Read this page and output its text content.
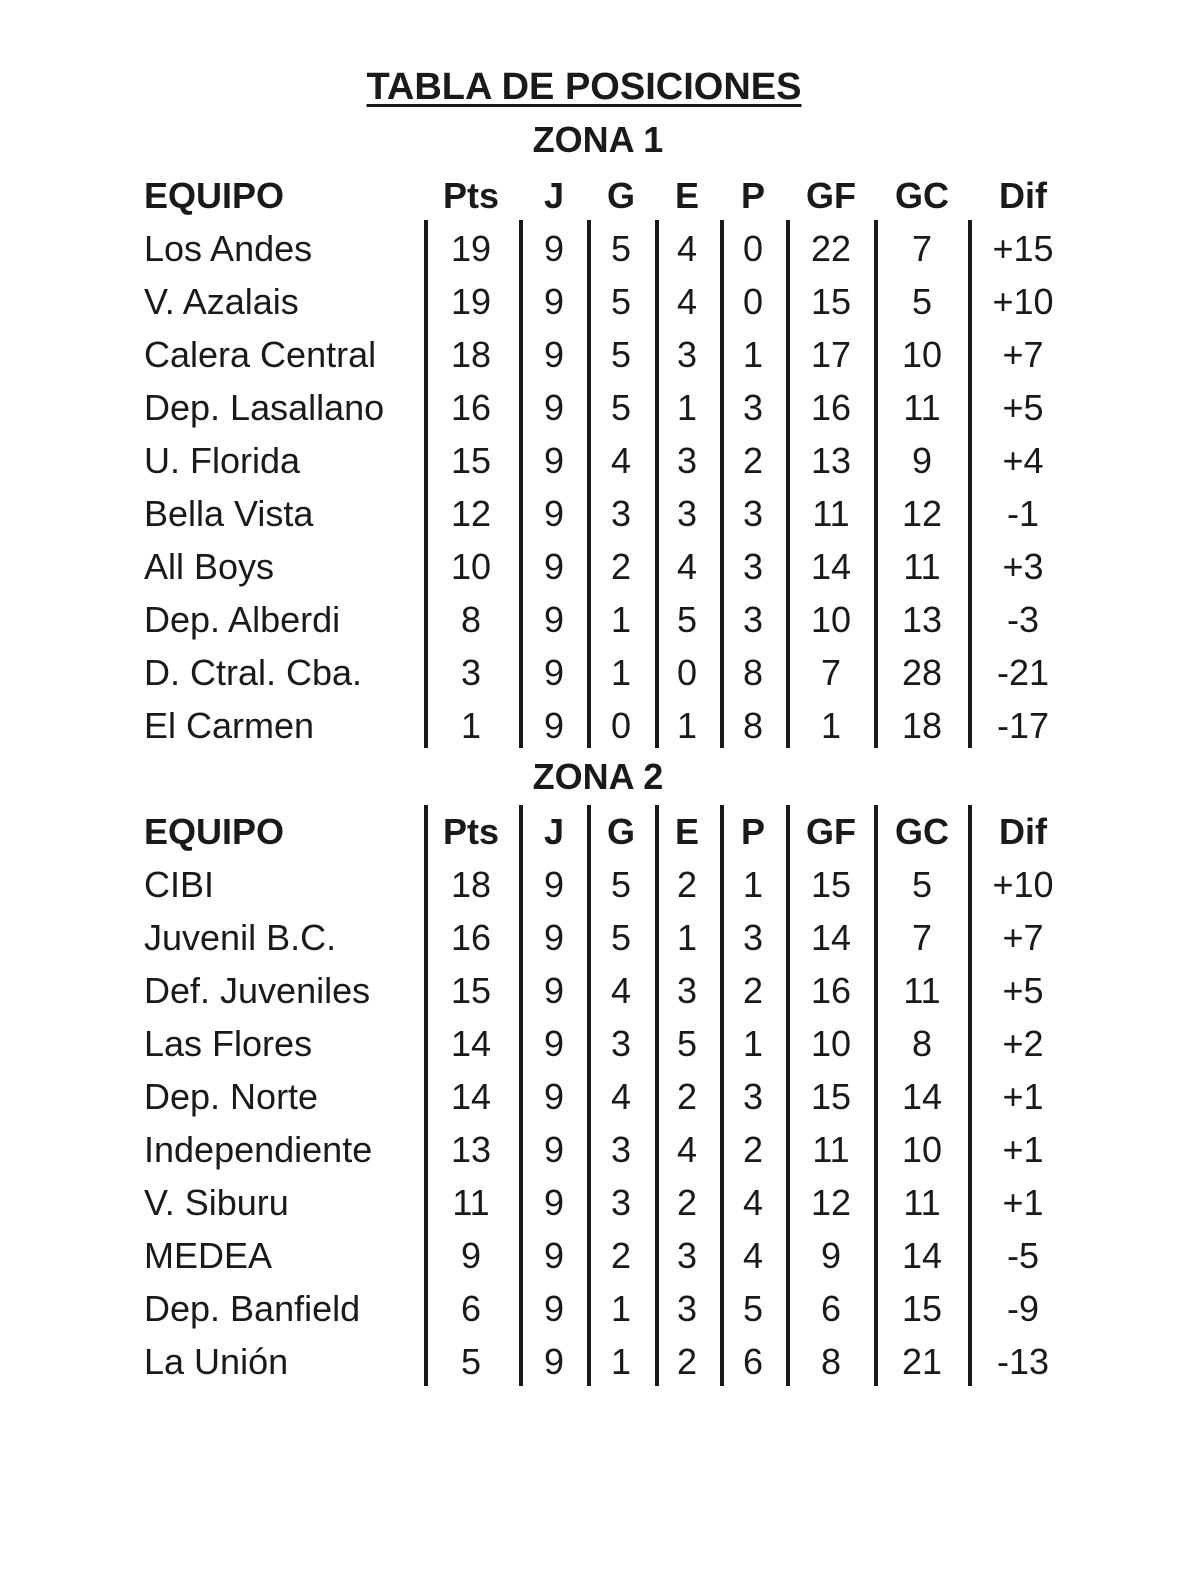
TABLA DE POSICIONES
ZONA 1
EQUIPO	Pts	J	G	E	P	GF	GC	Dif
Los Andes	19	9	5	4	0	22	7	+15
V. Azalais	19	9	5	4	0	15	5	+10
Calera Central	18	9	5	3	1	17	10	+7
Dep. Lasallano	16	9	5	1	3	16	11	+5
U. Florida	15	9	4	3	2	13	9	+4
Bella Vista	12	9	3	3	3	11	12	-1
All Boys	10	9	2	4	3	14	11	+3
Dep. Alberdi	8	9	1	5	3	10	13	-3
D. Ctral. Cba.	3	9	1	0	8	7	28	-21
El Carmen	1	9	0	1	8	1	18	-17
ZONA 2
EQUIPO	Pts	J	G	E	P	GF	GC	Dif
CIBI	18	9	5	2	1	15	5	+10
Juvenil B.C.	16	9	5	1	3	14	7	+7
Def. Juveniles	15	9	4	3	2	16	11	+5
Las Flores	14	9	3	5	1	10	8	+2
Dep. Norte	14	9	4	2	3	15	14	+1
Independiente	13	9	3	4	2	11	10	+1
V. Siburu	11	9	3	2	4	12	11	+1
MEDEA	9	9	2	3	4	9	14	-5
Dep. Banfield	6	9	1	3	5	6	15	-9
La Unión	5	9	1	2	6	8	21	-13
